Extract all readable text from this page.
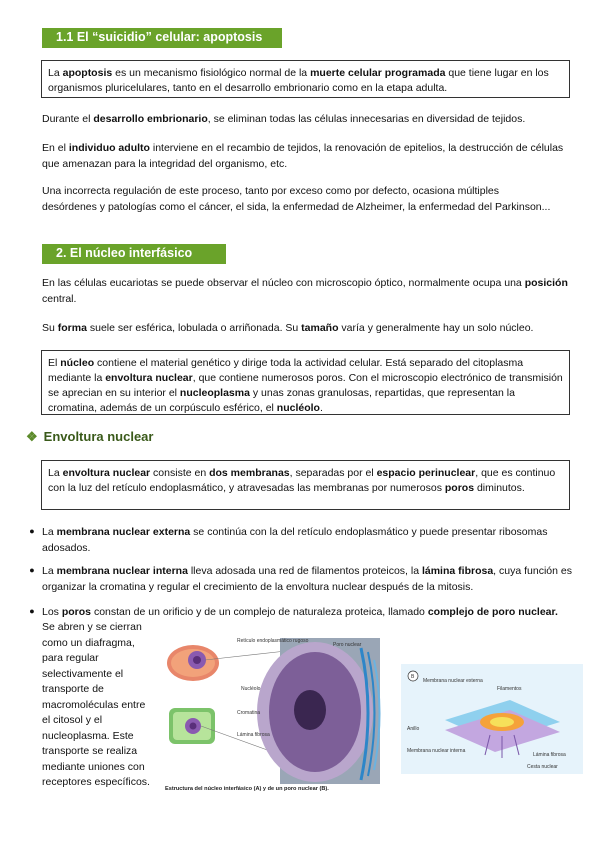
1.1 El “suicidio” celular: apoptosis
La apoptosis es un mecanismo fisiológico normal de la muerte celular programada que tiene lugar en los organismos pluricelulares, tanto en el desarrollo embrionario como en la etapa adulta.
Durante el desarrollo embrionario, se eliminan todas las células innecesarias en diversidad de tejidos.
En el individuo adulto interviene en el recambio de tejidos, la renovación de epitelios, la destrucción de células que amenazan para la integridad del organismo, etc.
Una incorrecta regulación de este proceso, tanto por exceso como por defecto, ocasiona múltiples desórdenes y patologías como el cáncer, el sida, la enfermedad de Alzheimer, la enfermedad del Parkinson...
2. El núcleo interfásico
En las células eucariotas se puede observar el núcleo con microscopio óptico, normalmente ocupa una posición central.
Su forma suele ser esférica, lobulada o arriñonada. Su tamaño varía y generalmente hay un solo núcleo.
El núcleo contiene el material genético y dirige toda la actividad celular. Está separado del citoplasma mediante la envoltura nuclear, que contiene numerosos poros. Con el microscopio electrónico de transmisión se aprecian en su interior el nucleoplasma y unas zonas granulosas, repartidas, que representan la cromatina, además de un corpúsculo esférico, el nucléolo.
❖ Envoltura nuclear
La envoltura nuclear consiste en dos membranas, separadas por el espacio perinuclear, que es continuo con la luz del retículo endoplasmático, y atravesadas las membranas por numerosos poros diminutos.
● La membrana nuclear externa se continúa con la del retículo endoplasmático y puede presentar ribosomas adosados.
● La membrana nuclear interna lleva adosada una red de filamentos proteicos, la lámina fibrosa, cuya función es organizar la cromatina y regular el crecimiento de la envoltura nuclear después de la mitosis.
● Los poros constan de un orificio y de un complejo de naturaleza proteica, llamado complejo de poro nuclear.
Se abren y se cierran como un diafragma, para regular selectivamente el transporte de macromoléculas entre el citosol y el nucleoplasma. Este transporte se realiza mediante uniones con receptores específicos.
Retículo endoplasmático rugoso
Poro nuclear
Nucléolo
Cromatina
Lámina fibrosa
B
Membrana nuclear externa
Filamentos
Anillo
Membrana nuclear interna
Lámina fibrosa
Cesta nuclear
Estructura del núcleo interfásico (A) y de un poro nuclear (B).
